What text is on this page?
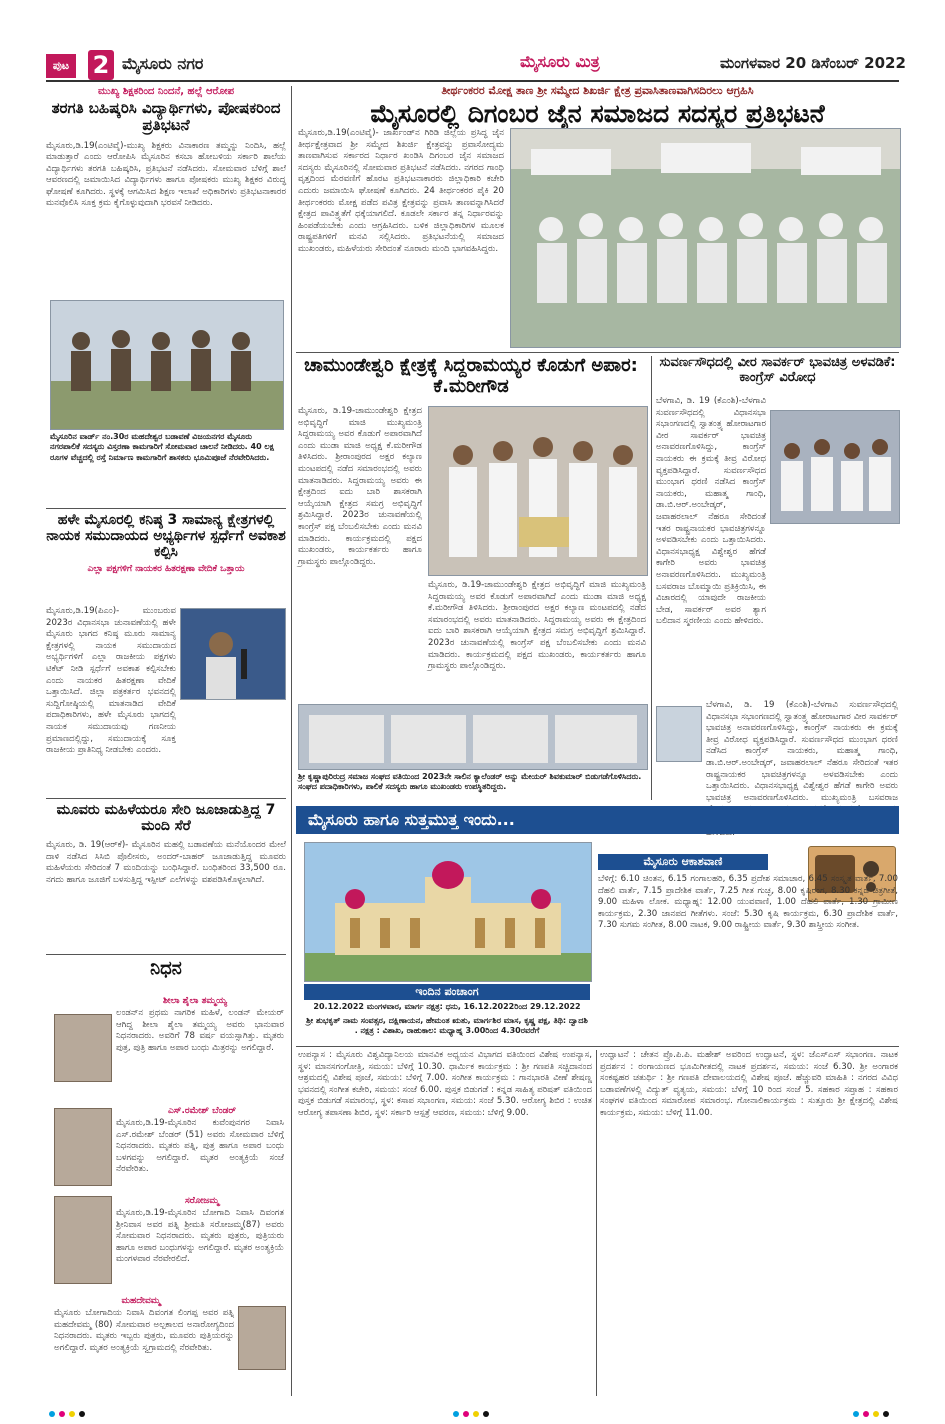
ಪುಟ 2 ಮೈಸೂರು ನಗರ	ಮೈಸೂರು ಮಿತ್ರ	ಮಂಗಳವಾರ 20 ಡಿಸೆಂಬರ್ 2022
ಮುಖ್ಯ ಶಿಕ್ಷಕರಿಂದ ನಿಂದನೆ, ಹಲ್ಲೆ ಆರೋಪ
ತರಗತಿ ಬಹಿಷ್ಕರಿಸಿ ವಿದ್ಯಾರ್ಥಿಗಳು, ಪೋಷಕರಿಂದ ಪ್ರತಿಭಟನೆ
ಮೈಸೂರು,ಡಿ.19(ಎಂಟಿವೈ)-ಮುಖ್ಯ ಶಿಕ್ಷಕರು ವಿನಾಕಾರಣ ತಮ್ಮನ್ನು ನಿಂದಿಸಿ, ಹಲ್ಲೆ ಮಾಡುತ್ತಾರೆ ಎಂದು ಆರೋಪಿಸಿ ಮೈಸೂರಿನ ಕಸಬಾ ಹೋಬಳಿಯ ಸರ್ಕಾರಿ ಶಾಲೆಯ ವಿದ್ಯಾರ್ಥಿಗಳು ತರಗತಿ ಬಹಿಷ್ಕರಿಸಿ, ಪ್ರತಿಭಟನೆ ನಡೆಸಿದರು. ಸೋಮವಾರ ಬೆಳಿಗ್ಗೆ ಶಾಲೆ ಆವರಣದಲ್ಲಿ ಜಮಾಯಿಸಿದ ವಿದ್ಯಾರ್ಥಿಗಳು ಹಾಗೂ ಪೋಷಕರು ಮುಖ್ಯ ಶಿಕ್ಷಕರ ವಿರುದ್ಧ ಘೋಷಣೆ ಕೂಗಿದರು. ಸ್ಥಳಕ್ಕೆ ಆಗಮಿಸಿದ ಶಿಕ್ಷಣ ಇಲಾಖೆ ಅಧಿಕಾರಿಗಳು ಪ್ರತಿಭಟನಾಕಾರರ ಮನವೊಲಿಸಿ ಸೂಕ್ತ ಕ್ರಮ ಕೈಗೊಳ್ಳುವುದಾಗಿ ಭರವಸೆ ನೀಡಿದರು.
ಮೈಸೂರಿನ ವಾರ್ಡ್ ನಂ.30ರ ಮಹದೇಶ್ವರ ಬಡಾವಣೆ ವಿಜಯನಗರ ಮೈಸೂರು ನಗರಪಾಲಿಕೆ ಸದಸ್ಯರು ವಿಸ್ತರಣಾ ಕಾಮಗಾರಿಗೆ ಸೋಮವಾರ ಚಾಲನೆ ನೀಡಿದರು. 40 ಲಕ್ಷ ರೂಗಳ ವೆಚ್ಚದಲ್ಲಿ ರಸ್ತೆ ನಿರ್ಮಾಣ ಕಾಮಗಾರಿಗೆ ಶಾಸಕರು ಭೂಮಿಪೂಜೆ ನೆರವೇರಿಸಿದರು.
ಹಳೇ ಮೈಸೂರಲ್ಲಿ ಕನಿಷ್ಠ 3 ಸಾಮಾನ್ಯ ಕ್ಷೇತ್ರಗಳಲ್ಲಿ ನಾಯಕ ಸಮುದಾಯದ ಅಭ್ಯರ್ಥಿಗಳ ಸ್ಪರ್ಧೆಗೆ ಅವಕಾಶ ಕಲ್ಪಿಸಿ
ಎಲ್ಲಾ ಪಕ್ಷಗಳಿಗೆ ನಾಯಕರ ಹಿತರಕ್ಷಣಾ ವೇದಿಕೆ ಒತ್ತಾಯ
ಮೈಸೂರು,ಡಿ.19(ಪಿಎಂ)- ಮುಂಬರುವ 2023ರ ವಿಧಾನಸಭಾ ಚುನಾವಣೆಯಲ್ಲಿ ಹಳೇ ಮೈಸೂರು ಭಾಗದ ಕನಿಷ್ಠ ಮೂರು ಸಾಮಾನ್ಯ ಕ್ಷೇತ್ರಗಳಲ್ಲಿ ನಾಯಕ ಸಮುದಾಯದ ಅಭ್ಯರ್ಥಿಗಳಿಗೆ ಎಲ್ಲಾ ರಾಜಕೀಯ ಪಕ್ಷಗಳು ಟಿಕೆಟ್ ನೀಡಿ ಸ್ಪರ್ಧೆಗೆ ಅವಕಾಶ ಕಲ್ಪಿಸಬೇಕು ಎಂದು ನಾಯಕರ ಹಿತರಕ್ಷಣಾ ವೇದಿಕೆ ಒತ್ತಾಯಿಸಿದೆ. ಜಿಲ್ಲಾ ಪತ್ರಕರ್ತರ ಭವನದಲ್ಲಿ ಸುದ್ದಿಗೋಷ್ಠಿಯಲ್ಲಿ ಮಾತನಾಡಿದ ವೇದಿಕೆ ಪದಾಧಿಕಾರಿಗಳು, ಹಳೇ ಮೈಸೂರು ಭಾಗದಲ್ಲಿ ನಾಯಕ ಸಮುದಾಯವು ಗಣನೀಯ ಪ್ರಮಾಣದಲ್ಲಿದ್ದು, ಸಮುದಾಯಕ್ಕೆ ಸೂಕ್ತ ರಾಜಕೀಯ ಪ್ರಾತಿನಿಧ್ಯ ನೀಡಬೇಕು ಎಂದರು.
ಮೂವರು ಮಹಿಳೆಯರೂ ಸೇರಿ ಜೂಜಾಡುತ್ತಿದ್ದ 7 ಮಂದಿ ಸೆರೆ
ಮೈಸೂರು, ಡಿ. 19(ಆರ್‌ಕೆ)- ಮೈಸೂರಿನ ಮಹಲ್ಲಿ ಬಡಾವಣೆಯ ಮನೆಯೊಂದರ ಮೇಲೆ ದಾಳಿ ನಡೆಸಿದ ಸಿಸಿಬಿ ಪೊಲೀಸರು, ಅಂದರ್-ಬಾಹರ್ ಜೂಜಾಡುತ್ತಿದ್ದ ಮೂವರು ಮಹಿಳೆಯರು ಸೇರಿದಂತೆ 7 ಮಂದಿಯನ್ನು ಬಂಧಿಸಿದ್ದಾರೆ. ಬಂಧಿತರಿಂದ 33,500 ರೂ. ನಗದು ಹಾಗೂ ಜೂಜಿಗೆ ಬಳಸುತ್ತಿದ್ದ ಇಸ್ಪೀಟ್ ಎಲೆಗಳನ್ನು ವಶಪಡಿಸಿಕೊಳ್ಳಲಾಗಿದೆ.
ನಿಧನ
ಶೀಲಾ ಶೈಲಾ ತಮ್ಮಯ್ಯ
ಲಂಡನ್‌ನ ಪ್ರಥಮ ನಾಗರಿಕ ಮಹಿಳೆ, ಲಂಡನ್ ಮೇಯರ್ ಆಗಿದ್ದ ಶೀಲಾ ಶೈಲಾ ತಮ್ಮಯ್ಯ ಅವರು ಭಾನುವಾರ ನಿಧನರಾದರು. ಅವರಿಗೆ 78 ವರ್ಷ ವಯಸ್ಸಾಗಿತ್ತು. ಮೃತರು ಪುತ್ರ, ಪುತ್ರಿ ಹಾಗೂ ಅಪಾರ ಬಂಧು ಮಿತ್ರರನ್ನು ಅಗಲಿದ್ದಾರೆ.
ಎಸ್.ರಮೇಶ್ ಬೆಂಡರ್
ಮೈಸೂರು,ಡಿ.19-ಮೈಸೂರಿನ ಕುವೆಂಪುನಗರ ನಿವಾಸಿ ಎಸ್.ರಮೇಶ್ ಬೆಂಡರ್ (51) ಅವರು ಸೋಮವಾರ ಬೆಳಿಗ್ಗೆ ನಿಧನರಾದರು. ಮೃತರು ಪತ್ನಿ, ಪುತ್ರ ಹಾಗೂ ಅಪಾರ ಬಂಧು ಬಳಗವನ್ನು ಅಗಲಿದ್ದಾರೆ. ಮೃತರ ಅಂತ್ಯಕ್ರಿಯೆ ಸಂಜೆ ನೆರವೇರಿತು.
ಸರೋಜಮ್ಮ
ಮೈಸೂರು,ಡಿ.19-ಮೈಸೂರಿನ ಬೋಗಾದಿ ನಿವಾಸಿ ದಿವಂಗತ ಶ್ರೀನಿವಾಸ ಅವರ ಪತ್ನಿ ಶ್ರೀಮತಿ ಸರೋಜಮ್ಮ(87) ಅವರು ಸೋಮವಾರ ನಿಧನರಾದರು. ಮೃತರು ಪುತ್ರರು, ಪುತ್ರಿಯರು ಹಾಗೂ ಅಪಾರ ಬಂಧುಗಳನ್ನು ಅಗಲಿದ್ದಾರೆ. ಮೃತರ ಅಂತ್ಯಕ್ರಿಯೆ ಮಂಗಳವಾರ ನೆರವೇರಲಿದೆ.
ಮಹದೇವಮ್ಮ
ಮೈಸೂರು ಬೋಗಾದಿಯ ನಿವಾಸಿ ದಿವಂಗತ ಲಿಂಗಪ್ಪ ಅವರ ಪತ್ನಿ ಮಹದೇವಮ್ಮ (80) ಸೋಮವಾರ ಅಲ್ಪಕಾಲದ ಅನಾರೋಗ್ಯದಿಂದ ನಿಧನರಾದರು. ಮೃತರು ಇಬ್ಬರು ಪುತ್ರರು, ಮೂವರು ಪುತ್ರಿಯರನ್ನು ಅಗಲಿದ್ದಾರೆ. ಮೃತರ ಅಂತ್ಯಕ್ರಿಯೆ ಸ್ವಗ್ರಾಮದಲ್ಲಿ ನೆರವೇರಿತು.
ತೀರ್ಥಂಕರರ ಮೋಕ್ಷ ತಾಣ ಶ್ರೀ ಸಮ್ಮೇದ ಶಿಖರ್ಜಿ ಕ್ಷೇತ್ರ ಪ್ರವಾಸಿತಾಣವಾಗಿಸದಿರಲು ಆಗ್ರಹಿಸಿ
ಮೈಸೂರಲ್ಲಿ ದಿಗಂಬರ ಜೈನ ಸಮಾಜದ ಸದಸ್ಯರ ಪ್ರತಿಭಟನೆ
ಮೈಸೂರು,ಡಿ.19(ಎಂಟಿವೈ)- ಜಾರ್ಖಂಡ್‌ನ ಗಿರಿಡಿ ಜಿಲ್ಲೆಯ ಪ್ರಸಿದ್ಧ ಜೈನ ತೀರ್ಥಕ್ಷೇತ್ರವಾದ ಶ್ರೀ ಸಮ್ಮೇದ ಶಿಖರ್ಜಿ ಕ್ಷೇತ್ರವನ್ನು ಪ್ರವಾಸೋದ್ಯಮ ತಾಣವಾಗಿಸುವ ಸರ್ಕಾರದ ನಿರ್ಧಾರ ಖಂಡಿಸಿ ದಿಗಂಬರ ಜೈನ ಸಮಾಜದ ಸದಸ್ಯರು ಮೈಸೂರಿನಲ್ಲಿ ಸೋಮವಾರ ಪ್ರತಿಭಟನೆ ನಡೆಸಿದರು. ನಗರದ ಗಾಂಧಿ ವೃತ್ತದಿಂದ ಮೆರವಣಿಗೆ ಹೊರಟ ಪ್ರತಿಭಟನಾಕಾರರು ಜಿಲ್ಲಾಧಿಕಾರಿ ಕಚೇರಿ ಎದುರು ಜಮಾಯಿಸಿ ಘೋಷಣೆ ಕೂಗಿದರು. 24 ತೀರ್ಥಂಕರರ ಪೈಕಿ 20 ತೀರ್ಥಂಕರರು ಮೋಕ್ಷ ಪಡೆದ ಪವಿತ್ರ ಕ್ಷೇತ್ರವನ್ನು ಪ್ರವಾಸಿ ತಾಣವನ್ನಾಗಿಸಿದರೆ ಕ್ಷೇತ್ರದ ಪಾವಿತ್ರ್ಯತೆಗೆ ಧಕ್ಕೆಯಾಗಲಿದೆ. ಕೂಡಲೇ ಸರ್ಕಾರ ತನ್ನ ನಿರ್ಧಾರವನ್ನು ಹಿಂಪಡೆಯಬೇಕು ಎಂದು ಆಗ್ರಹಿಸಿದರು. ಬಳಿಕ ಜಿಲ್ಲಾಧಿಕಾರಿಗಳ ಮೂಲಕ ರಾಷ್ಟ್ರಪತಿಗಳಿಗೆ ಮನವಿ ಸಲ್ಲಿಸಿದರು. ಪ್ರತಿಭಟನೆಯಲ್ಲಿ ಸಮಾಜದ ಮುಖಂಡರು, ಮಹಿಳೆಯರು ಸೇರಿದಂತೆ ನೂರಾರು ಮಂದಿ ಭಾಗವಹಿಸಿದ್ದರು.
ಚಾಮುಂಡೇಶ್ವರಿ ಕ್ಷೇತ್ರಕ್ಕೆ ಸಿದ್ದರಾಮಯ್ಯರ ಕೊಡುಗೆ ಅಪಾರ: ಕೆ.ಮರೀಗೌಡ
ಮೈಸೂರು, ಡಿ.19-ಚಾಮುಂಡೇಶ್ವರಿ ಕ್ಷೇತ್ರದ ಅಭಿವೃದ್ಧಿಗೆ ಮಾಜಿ ಮುಖ್ಯಮಂತ್ರಿ ಸಿದ್ದರಾಮಯ್ಯ ಅವರ ಕೊಡುಗೆ ಅಪಾರವಾಗಿದೆ ಎಂದು ಮುಡಾ ಮಾಜಿ ಅಧ್ಯಕ್ಷ ಕೆ.ಮರೀಗೌಡ ತಿಳಿಸಿದರು. ಶ್ರೀರಾಂಪುರದ ಅಕ್ಷರ ಕಲ್ಯಾಣ ಮಂಟಪದಲ್ಲಿ ನಡೆದ ಸಮಾರಂಭದಲ್ಲಿ ಅವರು ಮಾತನಾಡಿದರು. ಸಿದ್ದರಾಮಯ್ಯ ಅವರು ಈ ಕ್ಷೇತ್ರದಿಂದ ಐದು ಬಾರಿ ಶಾಸಕರಾಗಿ ಆಯ್ಕೆಯಾಗಿ ಕ್ಷೇತ್ರದ ಸಮಗ್ರ ಅಭಿವೃದ್ಧಿಗೆ ಶ್ರಮಿಸಿದ್ದಾರೆ. 2023ರ ಚುನಾವಣೆಯಲ್ಲಿ ಕಾಂಗ್ರೆಸ್ ಪಕ್ಷ ಬೆಂಬಲಿಸಬೇಕು ಎಂದು ಮನವಿ ಮಾಡಿದರು. ಕಾರ್ಯಕ್ರಮದಲ್ಲಿ ಪಕ್ಷದ ಮುಖಂಡರು, ಕಾರ್ಯಕರ್ತರು ಹಾಗೂ ಗ್ರಾಮಸ್ಥರು ಪಾಲ್ಗೊಂಡಿದ್ದರು.
ಮೈಸೂರು, ಡಿ.19-ಚಾಮುಂಡೇಶ್ವರಿ ಕ್ಷೇತ್ರದ ಅಭಿವೃದ್ಧಿಗೆ ಮಾಜಿ ಮುಖ್ಯಮಂತ್ರಿ ಸಿದ್ದರಾಮಯ್ಯ ಅವರ ಕೊಡುಗೆ ಅಪಾರವಾಗಿದೆ ಎಂದು ಮುಡಾ ಮಾಜಿ ಅಧ್ಯಕ್ಷ ಕೆ.ಮರೀಗೌಡ ತಿಳಿಸಿದರು. ಶ್ರೀರಾಂಪುರದ ಅಕ್ಷರ ಕಲ್ಯಾಣ ಮಂಟಪದಲ್ಲಿ ನಡೆದ ಸಮಾರಂಭದಲ್ಲಿ ಅವರು ಮಾತನಾಡಿದರು. ಸಿದ್ದರಾಮಯ್ಯ ಅವರು ಈ ಕ್ಷೇತ್ರದಿಂದ ಐದು ಬಾರಿ ಶಾಸಕರಾಗಿ ಆಯ್ಕೆಯಾಗಿ ಕ್ಷೇತ್ರದ ಸಮಗ್ರ ಅಭಿವೃದ್ಧಿಗೆ ಶ್ರಮಿಸಿದ್ದಾರೆ. 2023ರ ಚುನಾವಣೆಯಲ್ಲಿ ಕಾಂಗ್ರೆಸ್ ಪಕ್ಷ ಬೆಂಬಲಿಸಬೇಕು ಎಂದು ಮನವಿ ಮಾಡಿದರು. ಕಾರ್ಯಕ್ರಮದಲ್ಲಿ ಪಕ್ಷದ ಮುಖಂಡರು, ಕಾರ್ಯಕರ್ತರು ಹಾಗೂ ಗ್ರಾಮಸ್ಥರು ಪಾಲ್ಗೊಂಡಿದ್ದರು.
ಶ್ರೀ ಕೃಷ್ಣಾಪುರಿರುದ್ರ ಸಮಾಜ ಸಂಘದ ವತಿಯಿಂದ 2023ನೇ ಸಾಲಿನ ಕ್ಯಾಲೆಂಡರ್ ಅನ್ನು ಮೇಯರ್ ಶಿವಕುಮಾರ್ ಬಿಡುಗಡೆಗೊಳಿಸಿದರು. ಸಂಘದ ಪದಾಧಿಕಾರಿಗಳು, ಪಾಲಿಕೆ ಸದಸ್ಯರು ಹಾಗೂ ಮುಖಂಡರು ಉಪಸ್ಥಿತರಿದ್ದರು.
ಸುವರ್ಣಸೌಧದಲ್ಲಿ ವೀರ ಸಾವರ್ಕರ್ ಭಾವಚಿತ್ರ ಅಳವಡಿಕೆ: ಕಾಂಗ್ರೆಸ್ ವಿರೋಧ
ಬೆಳಗಾವಿ, ಡಿ. 19 (ಕೆಎಂಶಿ)-ಬೆಳಗಾವಿ ಸುವರ್ಣಸೌಧದಲ್ಲಿ ವಿಧಾನಸಭಾ ಸಭಾಂಗಣದಲ್ಲಿ ಸ್ವಾತಂತ್ರ್ಯ ಹೋರಾಟಗಾರ ವೀರ ಸಾವರ್ಕರ್ ಭಾವಚಿತ್ರ ಅನಾವರಣಗೊಳಿಸಿದ್ದು, ಕಾಂಗ್ರೆಸ್ ನಾಯಕರು ಈ ಕ್ರಮಕ್ಕೆ ತೀವ್ರ ವಿರೋಧ ವ್ಯಕ್ತಪಡಿಸಿದ್ದಾರೆ. ಸುವರ್ಣಸೌಧದ ಮುಂಭಾಗ ಧರಣಿ ನಡೆಸಿದ ಕಾಂಗ್ರೆಸ್ ನಾಯಕರು, ಮಹಾತ್ಮ ಗಾಂಧಿ, ಡಾ.ಬಿ.ಆರ್.ಅಂಬೇಡ್ಕರ್, ಜವಾಹರಲಾಲ್ ನೆಹರೂ ಸೇರಿದಂತೆ ಇತರ ರಾಷ್ಟ್ರನಾಯಕರ ಭಾವಚಿತ್ರಗಳನ್ನೂ ಅಳವಡಿಸಬೇಕು ಎಂದು ಒತ್ತಾಯಿಸಿದರು. ವಿಧಾನಸಭಾಧ್ಯಕ್ಷ ವಿಶ್ವೇಶ್ವರ ಹೆಗಡೆ ಕಾಗೇರಿ ಅವರು ಭಾವಚಿತ್ರ ಅನಾವರಣಗೊಳಿಸಿದರು. ಮುಖ್ಯಮಂತ್ರಿ ಬಸವರಾಜ ಬೊಮ್ಮಾಯಿ ಪ್ರತಿಕ್ರಿಯಿಸಿ, ಈ ವಿಚಾರದಲ್ಲಿ ಯಾವುದೇ ರಾಜಕೀಯ ಬೇಡ, ಸಾವರ್ಕರ್ ಅವರ ತ್ಯಾಗ ಬಲಿದಾನ ಸ್ಮರಣೀಯ ಎಂದು ಹೇಳಿದರು.
ಬೆಳಗಾವಿ, ಡಿ. 19 (ಕೆಎಂಶಿ)-ಬೆಳಗಾವಿ ಸುವರ್ಣಸೌಧದಲ್ಲಿ ವಿಧಾನಸಭಾ ಸಭಾಂಗಣದಲ್ಲಿ ಸ್ವಾತಂತ್ರ್ಯ ಹೋರಾಟಗಾರ ವೀರ ಸಾವರ್ಕರ್ ಭಾವಚಿತ್ರ ಅನಾವರಣಗೊಳಿಸಿದ್ದು, ಕಾಂಗ್ರೆಸ್ ನಾಯಕರು ಈ ಕ್ರಮಕ್ಕೆ ತೀವ್ರ ವಿರೋಧ ವ್ಯಕ್ತಪಡಿಸಿದ್ದಾರೆ. ಸುವರ್ಣಸೌಧದ ಮುಂಭಾಗ ಧರಣಿ ನಡೆಸಿದ ಕಾಂಗ್ರೆಸ್ ನಾಯಕರು, ಮಹಾತ್ಮ ಗಾಂಧಿ, ಡಾ.ಬಿ.ಆರ್.ಅಂಬೇಡ್ಕರ್, ಜವಾಹರಲಾಲ್ ನೆಹರೂ ಸೇರಿದಂತೆ ಇತರ ರಾಷ್ಟ್ರನಾಯಕರ ಭಾವಚಿತ್ರಗಳನ್ನೂ ಅಳವಡಿಸಬೇಕು ಎಂದು ಒತ್ತಾಯಿಸಿದರು. ವಿಧಾನಸಭಾಧ್ಯಕ್ಷ ವಿಶ್ವೇಶ್ವರ ಹೆಗಡೆ ಕಾಗೇರಿ ಅವರು ಭಾವಚಿತ್ರ ಅನಾವರಣಗೊಳಿಸಿದರು. ಮುಖ್ಯಮಂತ್ರಿ ಬಸವರಾಜ
ಮೈಸೂರು ಹಾಗೂ ಸುತ್ತಮುತ್ತ ಇಂದು...
ಇಂದಿನ ಪಂಚಾಂಗ
20.12.2022 ಮಂಗಳವಾರ, ಮಾರ್ಗ ನಕ್ಷತ್ರ: ಧನು, 16.12.2022ರಿಂದ 29.12.2022
ಶ್ರೀ ಶುಭಕೃತ್ ನಾಮ ಸಂವತ್ಸರ, ದಕ್ಷಿಣಾಯನ, ಹೇಮಂತ ಋತು, ಮಾರ್ಗಶಿರ ಮಾಸ, ಕೃಷ್ಣ ಪಕ್ಷ, ತಿಥಿ: ದ್ವಾದಶಿ . ನಕ್ಷತ್ರ : ವಿಶಾಖ, ರಾಹುಕಾಲ: ಮಧ್ಯಾಹ್ನ 3.00ರಿಂದ 4.30ರವರೆಗೆ
ಮೈಸೂರು ಆಕಾಶವಾಣಿ
ಬೆಳಿಗ್ಗೆ: 6.10 ಚಿಂತನ, 6.15 ಗಂಗಾಲಹರಿ, 6.35 ಪ್ರದೇಶ ಸಮಾಚಾರ, 6.45 ಸಂಸ್ಕೃತ ವಾರ್ತೆ, 7.00 ದೆಹಲಿ ವಾರ್ತೆ, 7.15 ಪ್ರಾದೇಶಿಕ ವಾರ್ತೆ, 7.25 ಗೀತ ಗುಚ್ಛ, 8.00 ಕೃಷಿರಂಗ, 8.30 ಕನ್ನಡ ಚಿತ್ರಗೀತೆ, 9.00 ಮಹಿಳಾ ಲೋಕ. ಮಧ್ಯಾಹ್ನ: 12.00 ಯುವವಾಣಿ, 1.00 ದೆಹಲಿ ವಾರ್ತೆ, 1.30 ಗ್ರಾಮೀಣ ಕಾರ್ಯಕ್ರಮ, 2.30 ಜಾನಪದ ಗೀತೆಗಳು. ಸಂಜೆ: 5.30 ಕೃಷಿ ಕಾರ್ಯಕ್ರಮ, 6.30 ಪ್ರಾದೇಶಿಕ ವಾರ್ತೆ, 7.30 ಸುಗಮ ಸಂಗೀತ, 8.00 ನಾಟಕ, 9.00 ರಾಷ್ಟ್ರೀಯ ವಾರ್ತೆ, 9.30 ಶಾಸ್ತ್ರೀಯ ಸಂಗೀತ.
ಉಪನ್ಯಾಸ : ಮೈಸೂರು ವಿಶ್ವವಿದ್ಯಾನಿಲಯ ಮಾನವಿಕ ಅಧ್ಯಯನ ವಿಭಾಗದ ವತಿಯಿಂದ ವಿಶೇಷ ಉಪನ್ಯಾಸ, ಸ್ಥಳ: ಮಾನಸಗಂಗೋತ್ರಿ, ಸಮಯ: ಬೆಳಿಗ್ಗೆ 10.30. ಧಾರ್ಮಿಕ ಕಾರ್ಯಕ್ರಮ : ಶ್ರೀ ಗಣಪತಿ ಸಚ್ಚಿದಾನಂದ ಆಶ್ರಮದಲ್ಲಿ ವಿಶೇಷ ಪೂಜೆ, ಸಮಯ: ಬೆಳಿಗ್ಗೆ 7.00. ಸಂಗೀತ ಕಾರ್ಯಕ್ರಮ : ಗಾನಭಾರತಿ ವೀಣೆ ಶೇಷಣ್ಣ ಭವನದಲ್ಲಿ ಸಂಗೀತ ಕಚೇರಿ, ಸಮಯ: ಸಂಜೆ 6.00. ಪುಸ್ತಕ ಬಿಡುಗಡೆ : ಕನ್ನಡ ಸಾಹಿತ್ಯ ಪರಿಷತ್ ವತಿಯಿಂದ ಪುಸ್ತಕ ಬಿಡುಗಡೆ ಸಮಾರಂಭ, ಸ್ಥಳ: ಕಸಾಪ ಸಭಾಂಗಣ, ಸಮಯ: ಸಂಜೆ 5.30. ಆರೋಗ್ಯ ಶಿಬಿರ : ಉಚಿತ ಆರೋಗ್ಯ ತಪಾಸಣಾ ಶಿಬಿರ, ಸ್ಥಳ: ಸರ್ಕಾರಿ ಆಸ್ಪತ್ರೆ ಆವರಣ, ಸಮಯ: ಬೆಳಿಗ್ಗೆ 9.00.
ಉದ್ಘಾಟನೆ : ಚೇತನ ಪ್ರೊ.ಪಿ.ಪಿ. ಮಹೇಶ್ ಅವರಿಂದ ಉದ್ಘಾಟನೆ, ಸ್ಥಳ: ಜೆಎಸ್‌ಎಸ್ ಸಭಾಂಗಣ. ನಾಟಕ ಪ್ರದರ್ಶನ : ರಂಗಾಯಣದ ಭೂಮಿಗೀತದಲ್ಲಿ ನಾಟಕ ಪ್ರದರ್ಶನ, ಸಮಯ: ಸಂಜೆ 6.30. ಶ್ರೀ ಅಂಗಾರಕ ಸಂಕಷ್ಟಹರ ಚತುರ್ಥಿ : ಶ್ರೀ ಗಣಪತಿ ದೇವಾಲಯದಲ್ಲಿ ವಿಶೇಷ ಪೂಜೆ. ಹೆಚ್ಚುವರಿ ಮಾಹಿತಿ : ನಗರದ ವಿವಿಧ ಬಡಾವಣೆಗಳಲ್ಲಿ ವಿದ್ಯುತ್ ವ್ಯತ್ಯಯ, ಸಮಯ: ಬೆಳಿಗ್ಗೆ 10 ರಿಂದ ಸಂಜೆ 5. ಸಹಕಾರ ಸಪ್ತಾಹ : ಸಹಕಾರ ಸಂಘಗಳ ವತಿಯಿಂದ ಸಮಾರೋಪ ಸಮಾರಂಭ. ಗೋನಾಲಿಕಾರ್ಯಕ್ರಮ : ಸುತ್ತೂರು ಶ್ರೀ ಕ್ಷೇತ್ರದಲ್ಲಿ ವಿಶೇಷ ಕಾರ್ಯಕ್ರಮ, ಸಮಯ: ಬೆಳಿಗ್ಗೆ 11.00.
